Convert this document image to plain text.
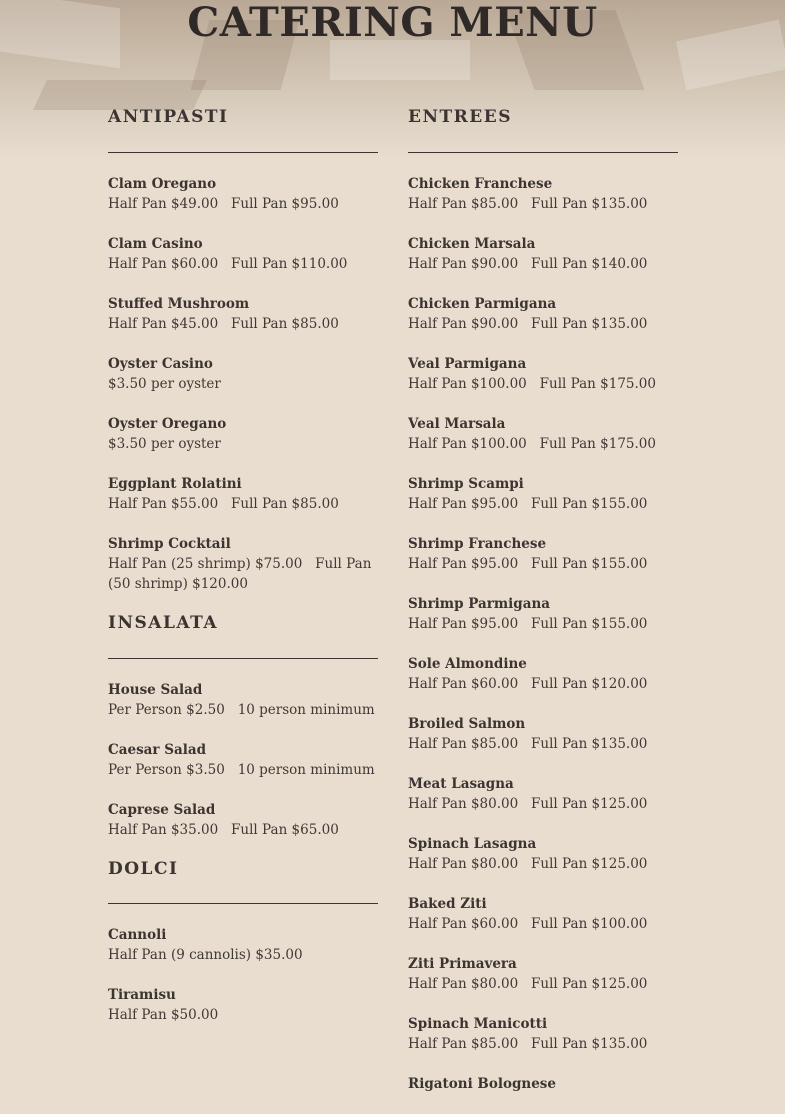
CATERING MENU
ANTIPASTI
Clam Oregano
Half Pan $49.00   Full Pan $95.00
Clam Casino
Half Pan $60.00   Full Pan $110.00
Stuffed Mushroom
Half Pan $45.00   Full Pan $85.00
Oyster Casino
$3.50 per oyster
Oyster Oregano
$3.50 per oyster
Eggplant Rolatini
Half Pan $55.00   Full Pan $85.00
Shrimp Cocktail
Half Pan (25 shrimp) $75.00   Full Pan (50 shrimp) $120.00
INSALATA
House Salad
Per Person $2.50   10 person minimum
Caesar Salad
Per Person $3.50   10 person minimum
Caprese Salad
Half Pan $35.00   Full Pan $65.00
DOLCI
Cannoli
Half Pan (9 cannolis) $35.00
Tiramisu
Half Pan $50.00
ENTREES
Chicken Franchese
Half Pan $85.00   Full Pan $135.00
Chicken Marsala
Half Pan $90.00   Full Pan $140.00
Chicken Parmigana
Half Pan $90.00   Full Pan $135.00
Veal Parmigana
Half Pan $100.00   Full Pan $175.00
Veal Marsala
Half Pan $100.00   Full Pan $175.00
Shrimp Scampi
Half Pan $95.00   Full Pan $155.00
Shrimp Franchese
Half Pan $95.00   Full Pan $155.00
Shrimp Parmigana
Half Pan $95.00   Full Pan $155.00
Sole Almondine
Half Pan $60.00   Full Pan $120.00
Broiled Salmon
Half Pan $85.00   Full Pan $135.00
Meat Lasagna
Half Pan $80.00   Full Pan $125.00
Spinach Lasagna
Half Pan $80.00   Full Pan $125.00
Baked Ziti
Half Pan $60.00   Full Pan $100.00
Ziti Primavera
Half Pan $80.00   Full Pan $125.00
Spinach Manicotti
Half Pan $85.00   Full Pan $135.00
Rigatoni Bolognese
